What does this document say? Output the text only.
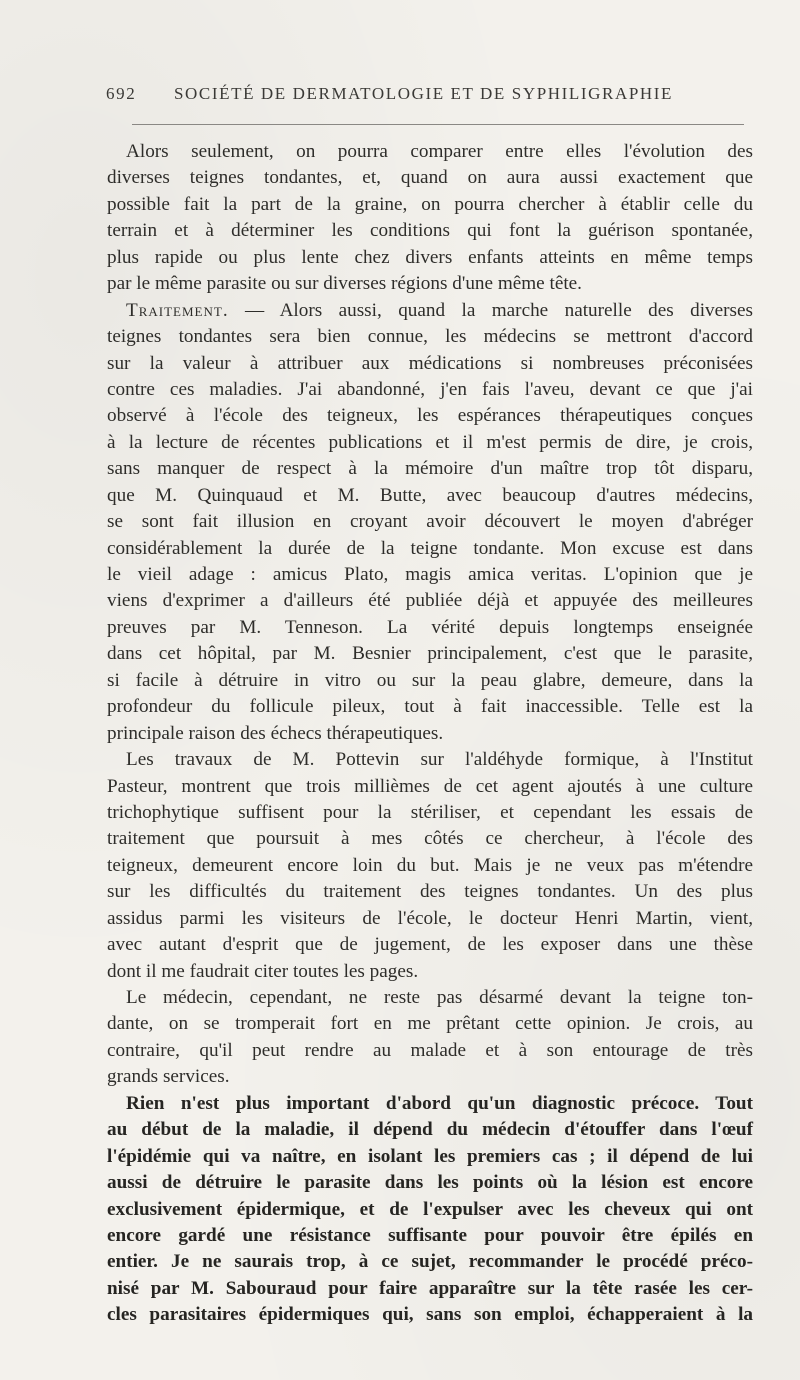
692 SOCIÉTÉ DE DERMATOLOGIE ET DE SYPHILIGRAPHIE
Alors seulement, on pourra comparer entre elles l'évolution des
diverses teignes tondantes, et, quand on aura aussi exactement que
possible fait la part de la graine, on pourra chercher à établir celle du
terrain et à déterminer les conditions qui font la guérison spontanée,
plus rapide ou plus lente chez divers enfants atteints en même temps
par le même parasite ou sur diverses régions d'une même tête.
Traitement. — Alors aussi, quand la marche naturelle des diverses
teignes tondantes sera bien connue, les médecins se mettront d'accord
sur la valeur à attribuer aux médications si nombreuses préconisées
contre ces maladies. J'ai abandonné, j'en fais l'aveu, devant ce que j'ai
observé à l'école des teigneux, les espérances thérapeutiques conçues
à la lecture de récentes publications et il m'est permis de dire, je crois,
sans manquer de respect à la mémoire d'un maître trop tôt disparu,
que M. Quinquaud et M. Butte, avec beaucoup d'autres médecins,
se sont fait illusion en croyant avoir découvert le moyen d'abréger
considérablement la durée de la teigne tondante. Mon excuse est dans
le vieil adage : amicus Plato, magis amica veritas. L'opinion que je
viens d'exprimer a d'ailleurs été publiée déjà et appuyée des meilleures
preuves par M. Tenneson. La vérité depuis longtemps enseignée
dans cet hôpital, par M. Besnier principalement, c'est que le parasite,
si facile à détruire in vitro ou sur la peau glabre, demeure, dans la
profondeur du follicule pileux, tout à fait inaccessible. Telle est la
principale raison des échecs thérapeutiques.
Les travaux de M. Pottevin sur l'aldéhyde formique, à l'Institut
Pasteur, montrent que trois millièmes de cet agent ajoutés à une culture
trichophytique suffisent pour la stériliser, et cependant les essais de
traitement que poursuit à mes côtés ce chercheur, à l'école des
teigneux, demeurent encore loin du but. Mais je ne veux pas m'étendre
sur les difficultés du traitement des teignes tondantes. Un des plus
assidus parmi les visiteurs de l'école, le docteur Henri Martin, vient,
avec autant d'esprit que de jugement, de les exposer dans une thèse
dont il me faudrait citer toutes les pages.
Le médecin, cependant, ne reste pas désarmé devant la teigne ton-
dante, on se tromperait fort en me prêtant cette opinion. Je crois, au
contraire, qu'il peut rendre au malade et à son entourage de très
grands services.
Rien n'est plus important d'abord qu'un diagnostic précoce. Tout
au début de la maladie, il dépend du médecin d'étouffer dans l'œuf
l'épidémie qui va naître, en isolant les premiers cas ; il dépend de lui
aussi de détruire le parasite dans les points où la lésion est encore
exclusivement épidermique, et de l'expulser avec les cheveux qui ont
encore gardé une résistance suffisante pour pouvoir être épilés en
entier. Je ne saurais trop, à ce sujet, recommander le procédé préco-
nisé par M. Sabouraud pour faire apparaître sur la tête rasée les cer-
cles parasitaires épidermiques qui, sans son emploi, échapperaient à la
